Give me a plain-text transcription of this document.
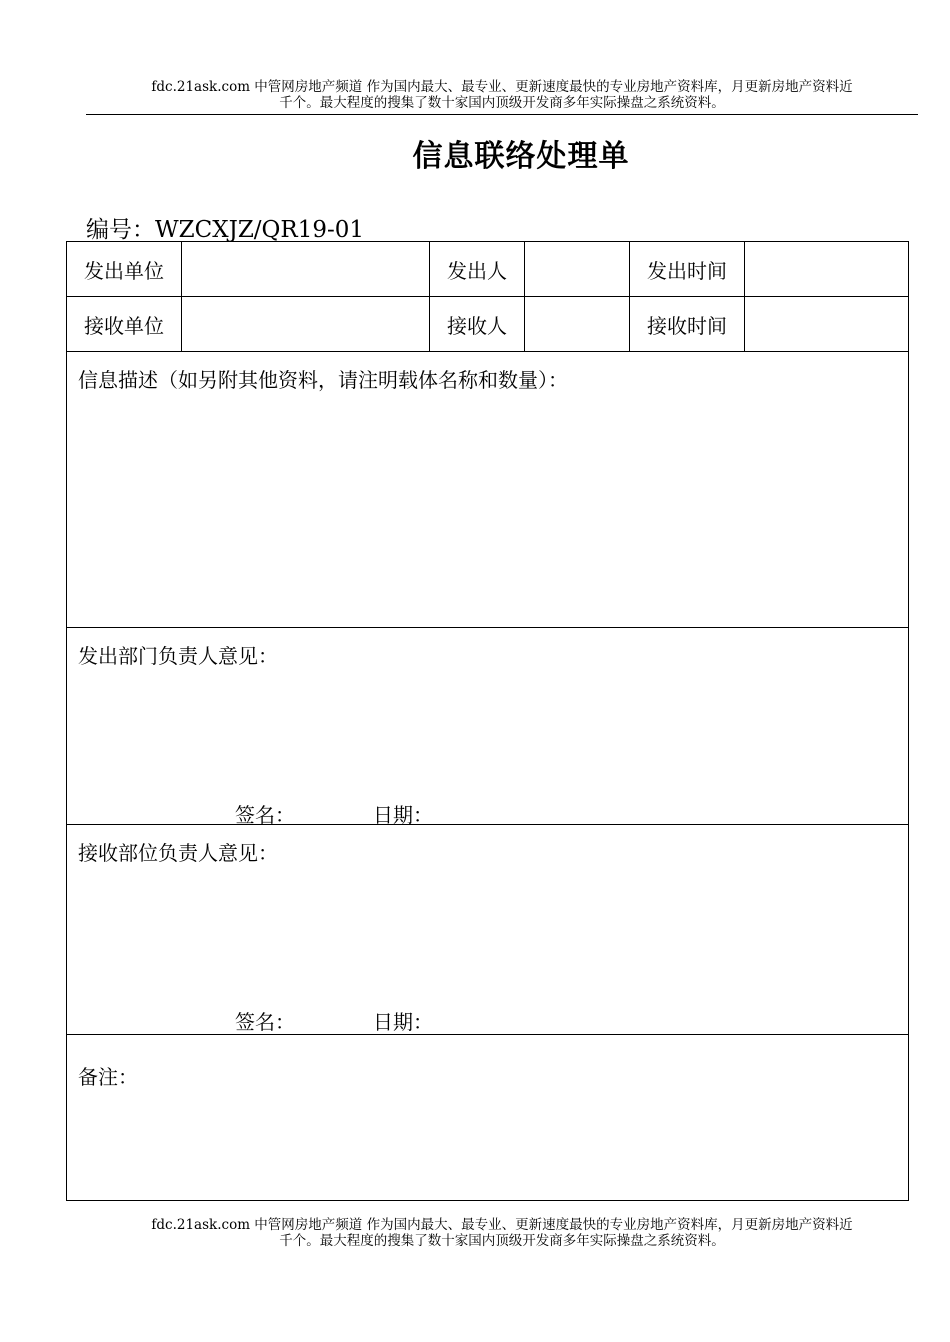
fdc.21ask.com 中管网房地产频道 作为国内最大、最专业、更新速度最快的专业房地产资料库，月更新房地产资料近
千个。最大程度的搜集了数十家国内顶级开发商多年实际操盘之系统资料。
信息联络处理单
编号：WZCXJZ/QR19-01
发出单位		发出人		发出时间	
接收单位		接收人		接收时间	

信息描述（如另附其他资料，请注明载体名称和数量）：					

发出部门负责人意见：
签名： 日期：					

接收部位负责人意见：
签名： 日期：					

备注：					
fdc.21ask.com 中管网房地产频道 作为国内最大、最专业、更新速度最快的专业房地产资料库，月更新房地产资料近
千个。最大程度的搜集了数十家国内顶级开发商多年实际操盘之系统资料。
